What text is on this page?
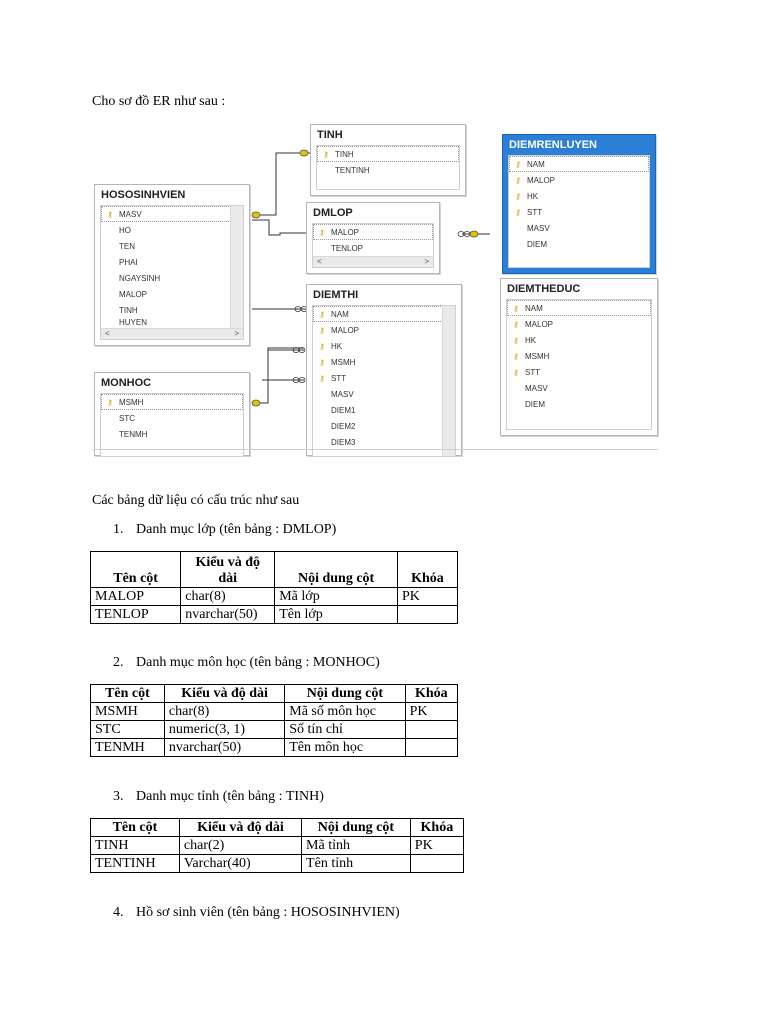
Cho sơ đồ ER như sau :
TINH
⚷ TINH
TENTINH
DMLOP
⚷ MALOP
TENLOP
<	>
HOSOSINHVIEN
⚷ MASV
HO
TEN
PHAI
NGAYSINH
MALOP
TINH
HUYEN
<	>
MONHOC
⚷ MSMH
STC
TENMH
DIEMTHI
⚷ NAM
⚷ MALOP
⚷ HK
⚷ MSMH
⚷ STT
MASV
DIEM1
DIEM2
DIEM3
DIEMRENLUYEN
⚷ NAM
⚷ MALOP
⚷ HK
⚷ STT
MASV
DIEM
DIEMTHEDUC
⚷ NAM
⚷ MALOP
⚷ HK
⚷ MSMH
⚷ STT
MASV
DIEM
Các bảng dữ liệu có cấu trúc như sau
1. Danh mục lớp (tên bảng : DMLOP)
Tên cột	Kiểu và độ dài	Nội dung cột	Khóa
MALOP	char(8)	Mã lớp	PK
TENLOP	nvarchar(50)	Tên lớp	
2. Danh mục môn học (tên bảng : MONHOC)
Tên cột	Kiểu và độ dài	Nội dung cột	Khóa
MSMH	char(8)	Mã số môn học	PK
STC	numeric(3, 1)	Số tín chỉ	
TENMH	nvarchar(50)	Tên môn học	
3. Danh mục tỉnh (tên bảng : TINH)
Tên cột	Kiểu và độ dài	Nội dung cột	Khóa
TINH	char(2)	Mã tỉnh	PK
TENTINH	Varchar(40)	Tên tỉnh	
4. Hồ sơ sinh viên (tên bảng : HOSOSINHVIEN)
